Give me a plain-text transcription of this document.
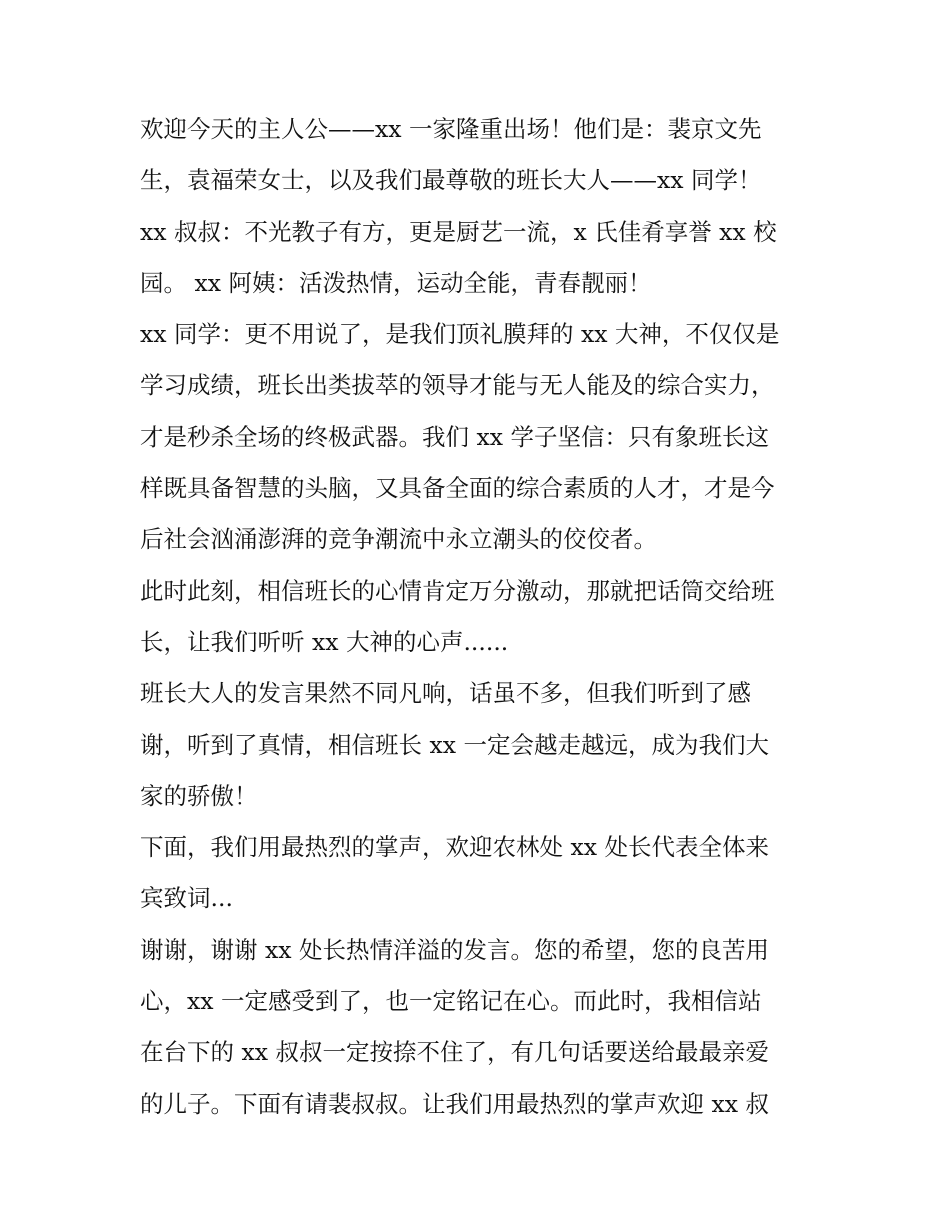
欢迎今天的主人公——xx 一家隆重出场！他们是：裴京文先
生，袁福荣女士，以及我们最尊敬的班长大人——xx 同学！
xx 叔叔：不光教子有方，更是厨艺一流，x 氏佳肴享誉 xx 校
园。 xx 阿姨：活泼热情，运动全能，青春靓丽！
xx 同学：更不用说了，是我们顶礼膜拜的 xx 大神，不仅仅是
学习成绩，班长出类拔萃的领导才能与无人能及的综合实力，
才是秒杀全场的终极武器。我们 xx 学子坚信：只有象班长这
样既具备智慧的头脑，又具备全面的综合素质的人才，才是今
后社会汹涌澎湃的竞争潮流中永立潮头的佼佼者。
此时此刻，相信班长的心情肯定万分激动，那就把话筒交给班
长，让我们听听 xx 大神的心声......
班长大人的发言果然不同凡响，话虽不多，但我们听到了感
谢，听到了真情，相信班长 xx 一定会越走越远，成为我们大
家的骄傲！
下面，我们用最热烈的掌声，欢迎农林处 xx 处长代表全体来
宾致词...
谢谢，谢谢 xx 处长热情洋溢的发言。您的希望，您的良苦用
心，xx 一定感受到了，也一定铭记在心。而此时，我相信站
在台下的 xx 叔叔一定按捺不住了，有几句话要送给最最亲爱
的儿子。下面有请裴叔叔。让我们用最热烈的掌声欢迎 xx 叔
